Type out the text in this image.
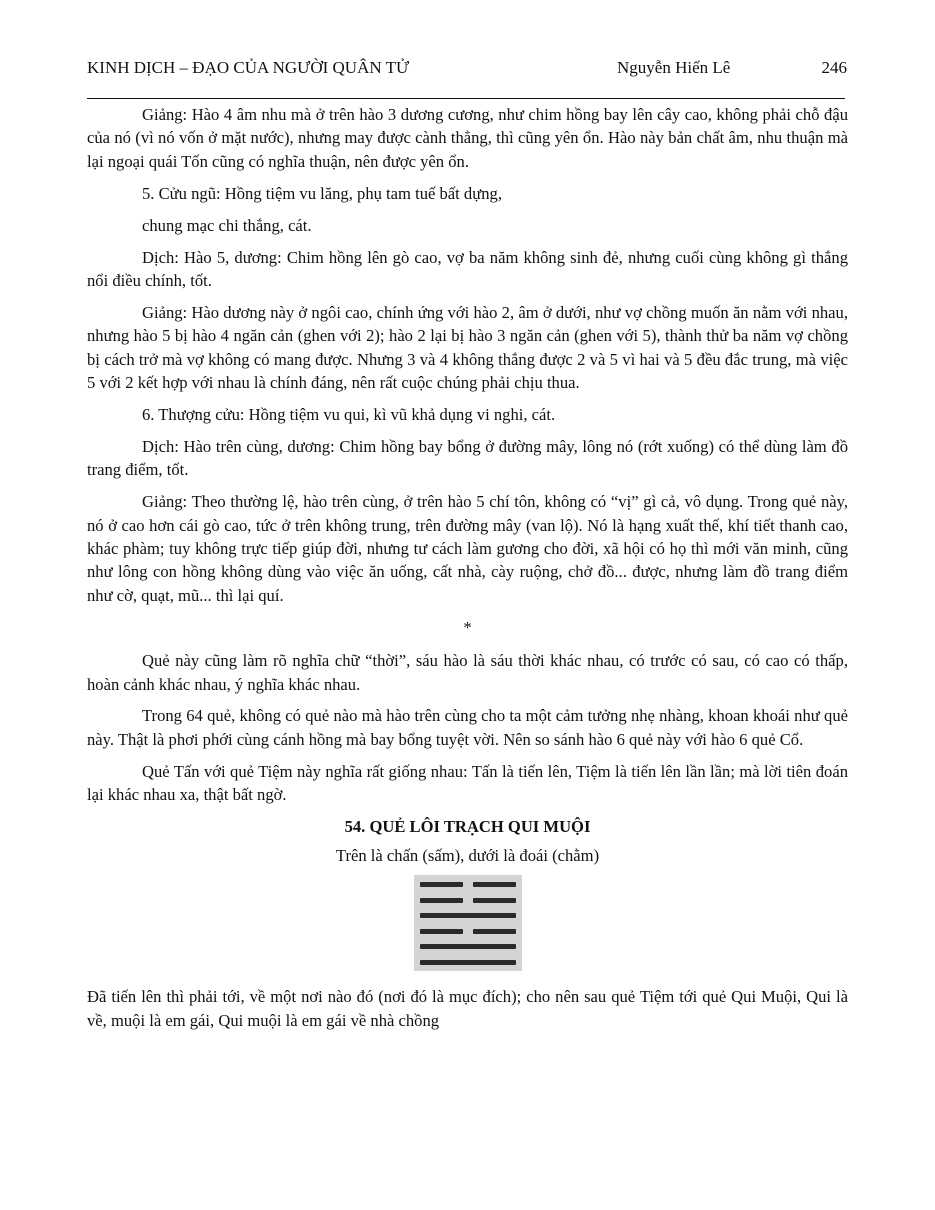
KINH DỊCH – ĐẠO CỦA NGƯỜI QUÂN TỬ	Nguyễn Hiến Lê	246

Giảng: Hào 4 âm nhu mà ở trên hào 3 dương cương, như chim hồng bay lên cây cao, không phải chỗ đậu của nó (vì nó vốn ở mặt nước), nhưng may được cành thẳng, thì cũng yên ổn. Hào này bản chất âm, nhu thuận mà lại ngoại quái Tốn cũng có nghĩa thuận, nên được yên ổn.

5. Cửu ngũ: Hồng tiệm vu lăng, phụ tam tuế bất dựng,

chung mạc chi thắng, cát.

Dịch: Hào 5, dương: Chim hồng lên gò cao, vợ ba năm không sinh đẻ, nhưng cuối cùng không gì thắng nổi điều chính, tốt.

Giảng: Hào dương này ở ngôi cao, chính ứng với hào 2, âm ở dưới, như vợ chồng muốn ăn nằm với nhau, nhưng hào 5 bị hào 4 ngăn cản (ghen với 2); hào 2 lại bị hào 3 ngăn cản (ghen với 5), thành thử ba năm vợ chồng bị cách trở mà vợ không có mang được. Nhưng 3 và 4 không thắng được 2 và 5 vì hai và 5 đều đắc trung, mà việc 5 với 2 kết hợp với nhau là chính đáng, nên rất cuộc chúng phải chịu thua.

6. Thượng cửu: Hồng tiệm vu qui, kì vũ khả dụng vi nghi, cát.

Dịch: Hào trên cùng, dương: Chim hồng bay bổng ở đường mây, lông nó (rớt xuống) có thể dùng làm đồ trang điểm, tốt.

Giảng: Theo thường lệ, hào trên cùng, ở trên hào 5 chí tôn, không có “vị” gì cả, vô dụng. Trong quẻ này, nó ở cao hơn cái gò cao, tức ở trên không trung, trên đường mây (van lộ). Nó là hạng xuất thế, khí tiết thanh cao, khác phàm; tuy không trực tiếp giúp đời, nhưng tư cách làm gương cho đời, xã hội có họ thì mới văn minh, cũng như lông con hồng không dùng vào việc ăn uống, cất nhà, cày ruộng, chở đồ... được, nhưng làm đồ trang điểm như cờ, quạt, mũ... thì lại quí.

*

Quẻ này cũng làm rõ nghĩa chữ “thời”, sáu hào là sáu thời khác nhau, có trước có sau, có cao có thấp, hoàn cảnh khác nhau, ý nghĩa khác nhau.

Trong 64 quẻ, không có quẻ nào mà hào trên cùng cho ta một cảm tưởng nhẹ nhàng, khoan khoái như quẻ này. Thật là phơi phới cùng cánh hồng mà bay bổng tuyệt vời. Nên so sánh hào 6 quẻ này với hào 6 quẻ Cổ.

Quẻ Tấn với quẻ Tiệm này nghĩa rất giống nhau: Tấn là tiến lên, Tiệm là tiến lên lần lần; mà lời tiên đoán lại khác nhau xa, thật bất ngờ.

54. QUẺ LÔI TRẠCH QUI MUỘI

Trên là chấn (sấm), dưới là đoái (chằm)

Đã tiến lên thì phải tới, về một nơi nào đó (nơi đó là mục đích); cho nên sau quẻ Tiệm tới quẻ Qui Muội, Qui là về, muội là em gái, Qui muội là em gái về nhà chồng
